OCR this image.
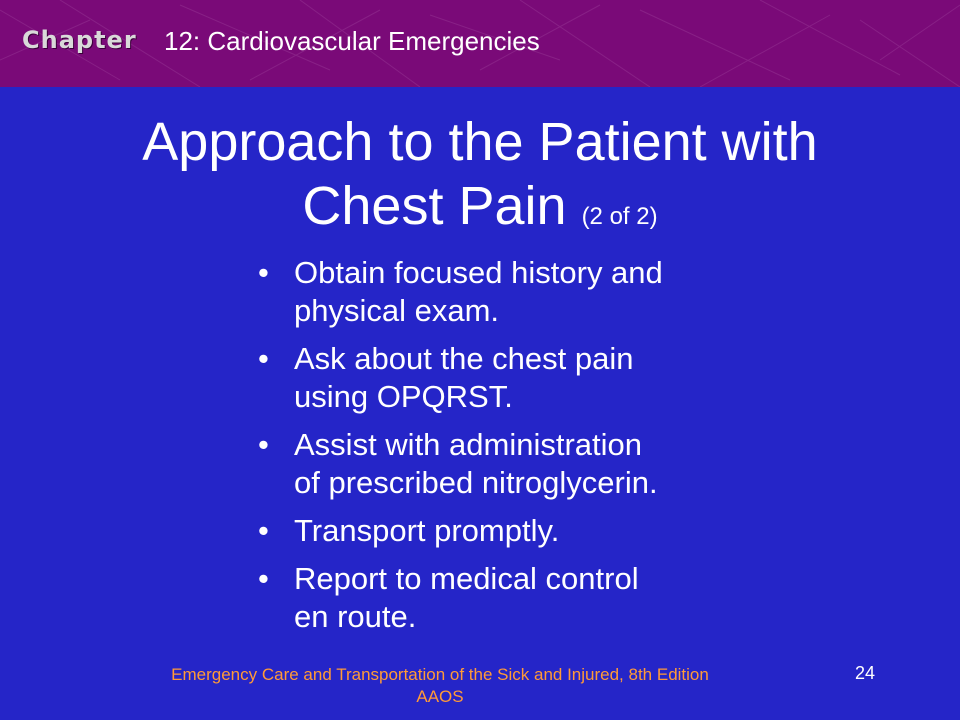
Chapter 12: Cardiovascular Emergencies
Approach to the Patient with
Chest Pain (2 of 2)
• Obtain focused history and
physical exam.
• Ask about the chest pain
using OPQRST.
• Assist with administration
of prescribed nitroglycerin.
• Transport promptly.
• Report to medical control
en route.
Emergency Care and Transportation of the Sick and Injured, 8th Edition
AAOS
24
